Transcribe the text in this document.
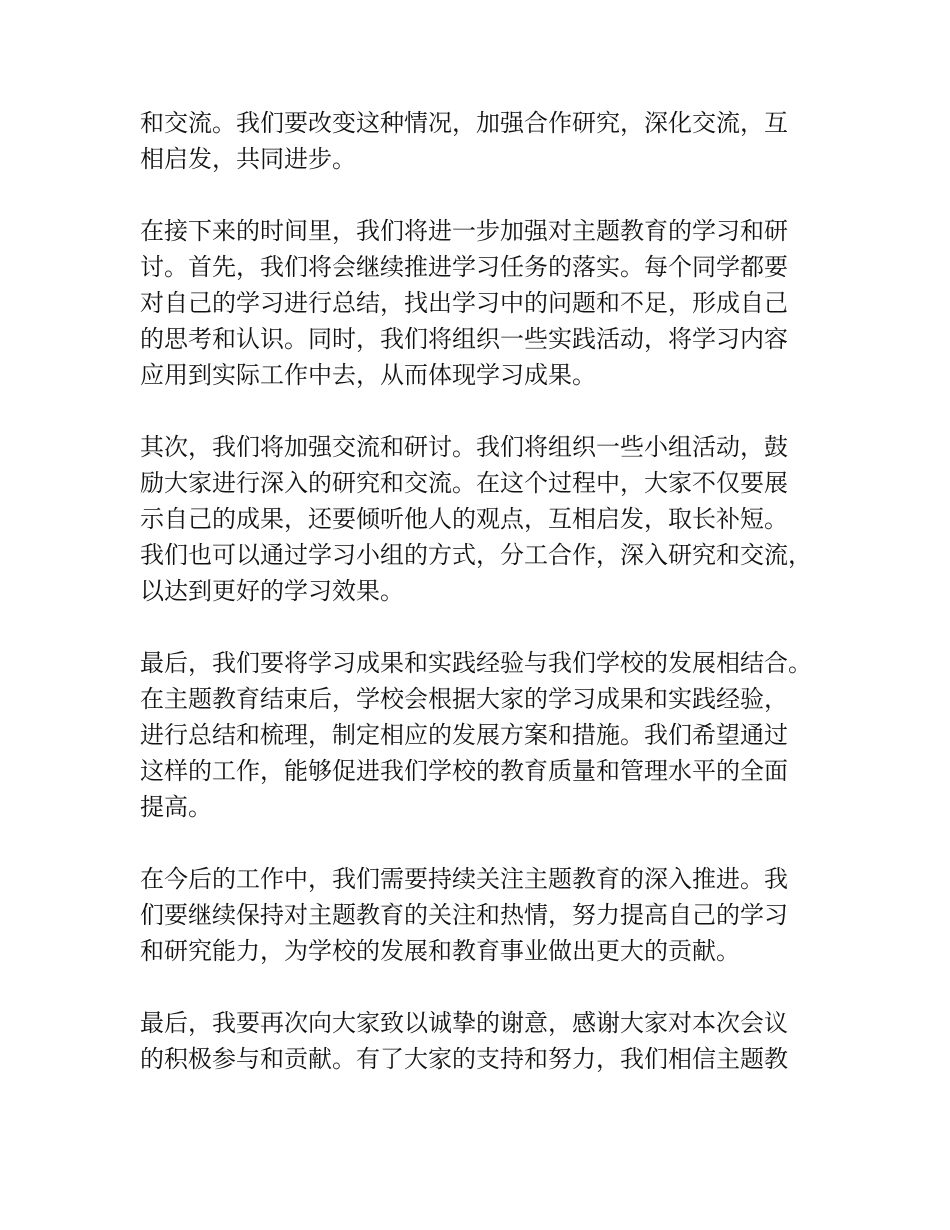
和交流。我们要改变这种情况，加强合作研究，深化交流，互
相启发，共同进步。

在接下来的时间里，我们将进一步加强对主题教育的学习和研
讨。首先，我们将会继续推进学习任务的落实。每个同学都要
对自己的学习进行总结，找出学习中的问题和不足，形成自己
的思考和认识。同时，我们将组织一些实践活动，将学习内容
应用到实际工作中去，从而体现学习成果。

其次，我们将加强交流和研讨。我们将组织一些小组活动，鼓
励大家进行深入的研究和交流。在这个过程中，大家不仅要展
示自己的成果，还要倾听他人的观点，互相启发，取长补短。
我们也可以通过学习小组的方式，分工合作，深入研究和交流，
以达到更好的学习效果。

最后，我们要将学习成果和实践经验与我们学校的发展相结合。
在主题教育结束后，学校会根据大家的学习成果和实践经验，
进行总结和梳理，制定相应的发展方案和措施。我们希望通过
这样的工作，能够促进我们学校的教育质量和管理水平的全面
提高。

在今后的工作中，我们需要持续关注主题教育的深入推进。我
们要继续保持对主题教育的关注和热情，努力提高自己的学习
和研究能力，为学校的发展和教育事业做出更大的贡献。

最后，我要再次向大家致以诚挚的谢意，感谢大家对本次会议
的积极参与和贡献。有了大家的支持和努力，我们相信主题教
